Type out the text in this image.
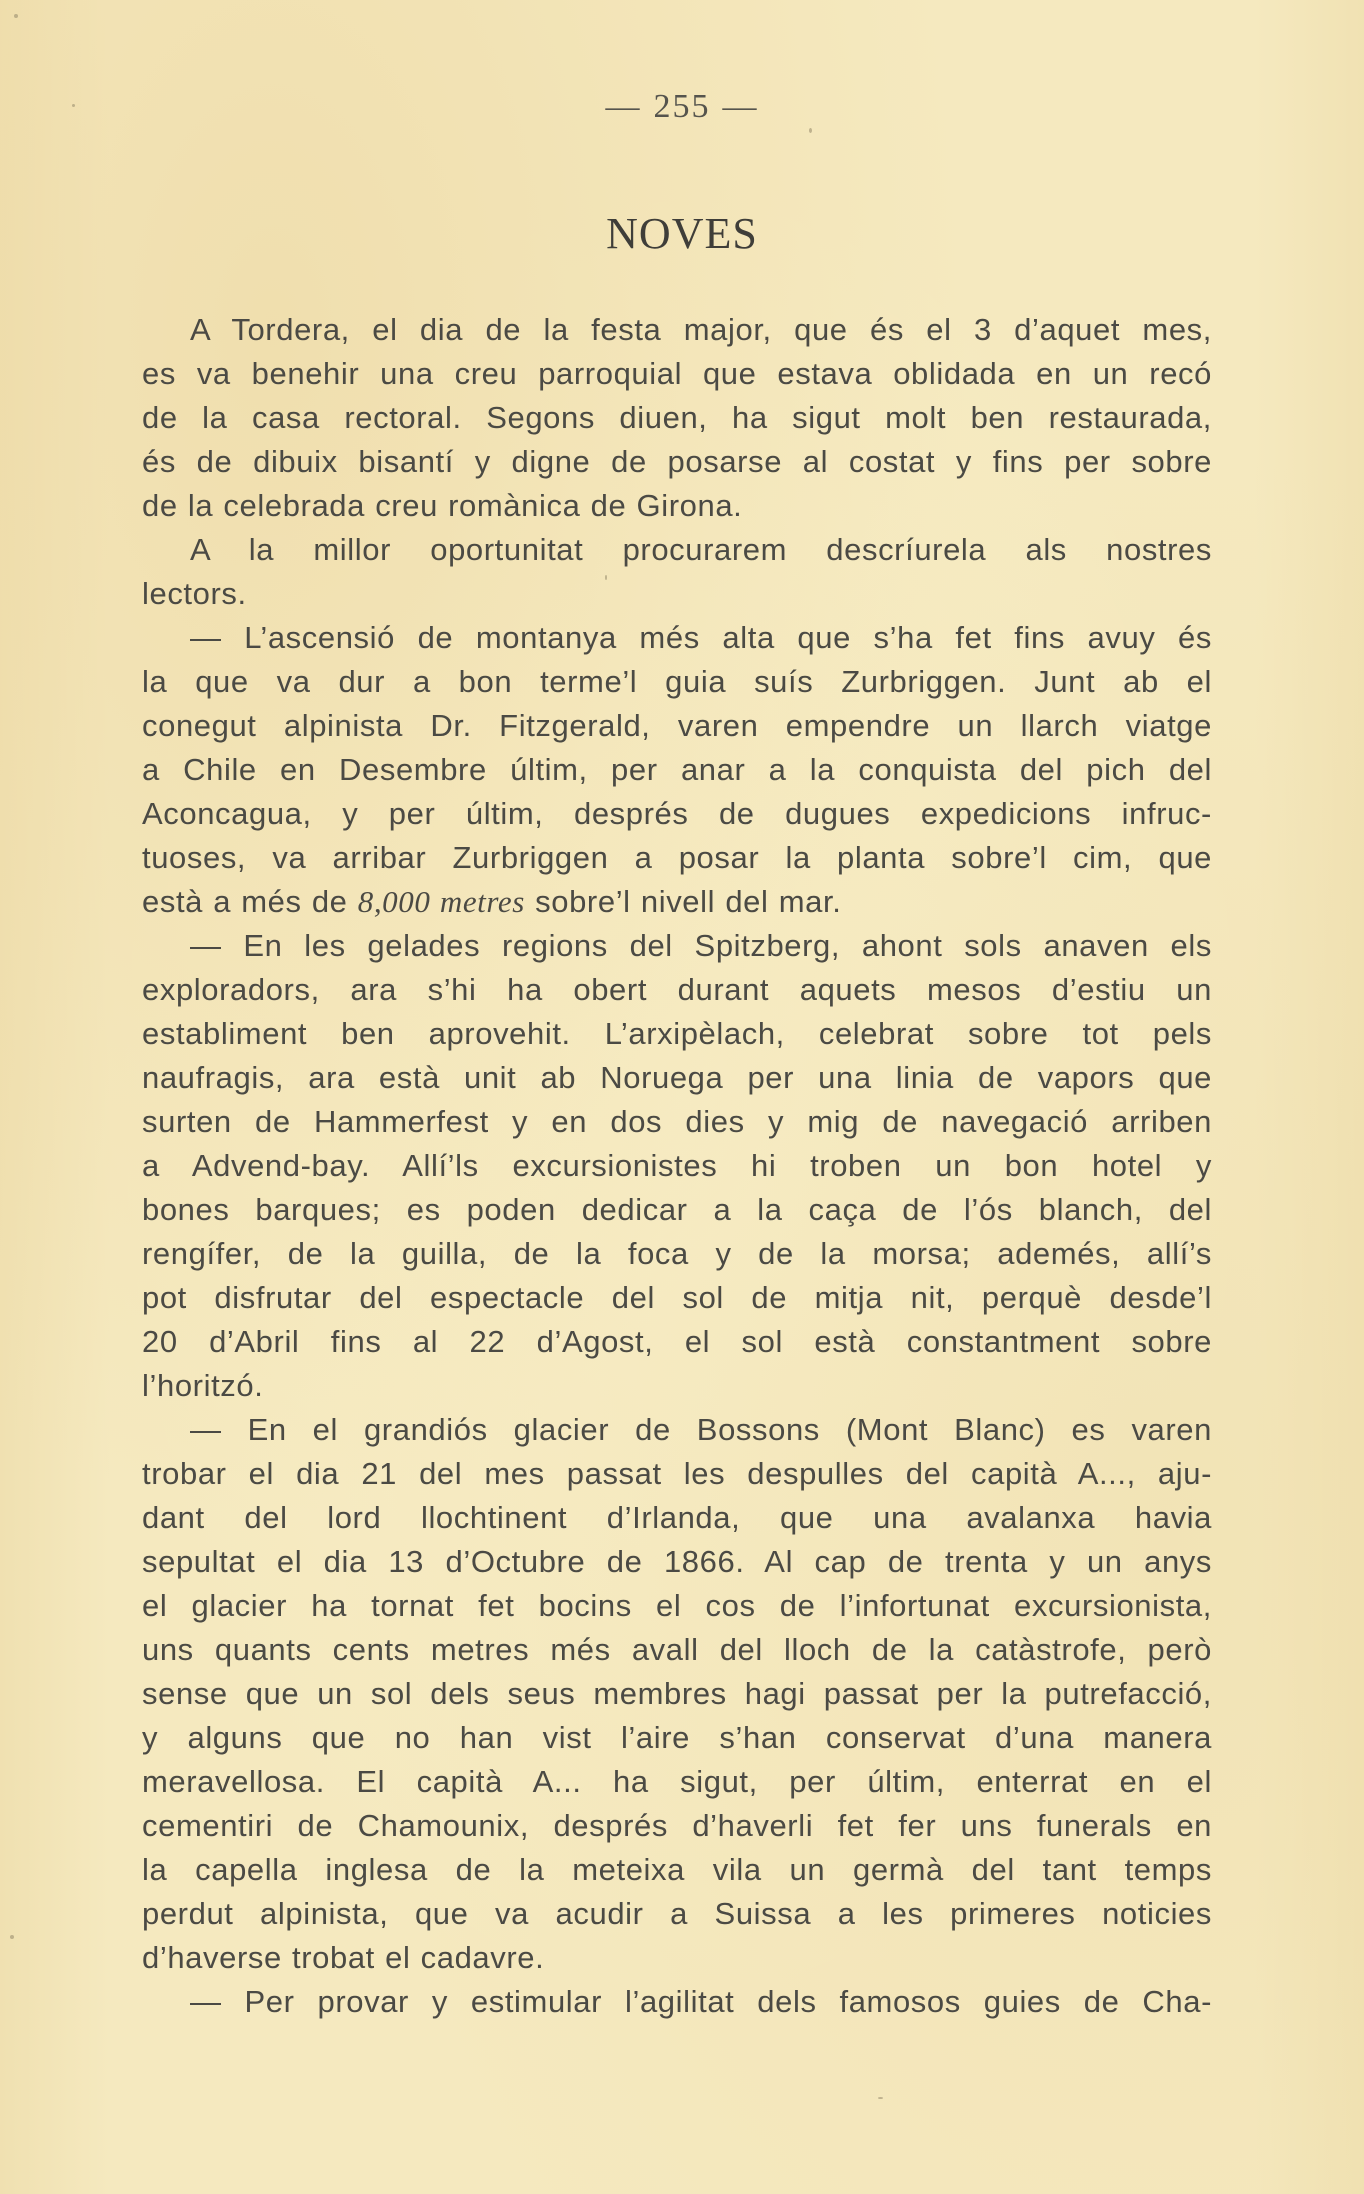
— 255 —
NOVES
A Tordera, el dia de la festa major, que és el 3 d’aquet mes,
es va benehir una creu parroquial que estava oblidada en un recó
de la casa rectoral. Segons diuen, ha sigut molt ben restaurada,
és de dibuix bisantí y digne de posarse al costat y fins per sobre
de la celebrada creu romànica de Girona.
A la millor oportunitat procurarem descríurela als nostres
lectors.
— L’ascensió de montanya més alta que s’ha fet fins avuy és
la que va dur a bon terme’l guia suís Zurbriggen. Junt ab el
conegut alpinista Dr. Fitzgerald, varen empendre un llarch viatge
a Chile en Desembre últim, per anar a la conquista del pich del
Aconcagua, y per últim, després de dugues expedicions infruc-
tuoses, va arribar Zurbriggen a posar la planta sobre’l cim, que
està a més de 8,000 metres sobre’l nivell del mar.
— En les gelades regions del Spitzberg, ahont sols anaven els
exploradors, ara s’hi ha obert durant aquets mesos d’estiu un
establiment ben aprovehit. L’arxipèlach, celebrat sobre tot pels
naufragis, ara està unit ab Noruega per una linia de vapors que
surten de Hammerfest y en dos dies y mig de navegació arriben
a Advend-bay. Allí’ls excursionistes hi troben un bon hotel y
bones barques; es poden dedicar a la caça de l’ós blanch, del
rengífer, de la guilla, de la foca y de la morsa; ademés, allí’s
pot disfrutar del espectacle del sol de mitja nit, perquè desde’l
20 d’Abril fins al 22 d’Agost, el sol està constantment sobre
l’horitzó.
— En el grandiós glacier de Bossons (Mont Blanc) es varen
trobar el dia 21 del mes passat les despulles del capità A..., aju-
dant del lord llochtinent d’Irlanda, que una avalanxa havia
sepultat el dia 13 d’Octubre de 1866. Al cap de trenta y un anys
el glacier ha tornat fet bocins el cos de l’infortunat excursionista,
uns quants cents metres més avall del lloch de la catàstrofe, però
sense que un sol dels seus membres hagi passat per la putrefacció,
y alguns que no han vist l’aire s’han conservat d’una manera
meravellosa. El capità A... ha sigut, per últim, enterrat en el
cementiri de Chamounix, després d’haverli fet fer uns funerals en
la capella inglesa de la meteixa vila un germà del tant temps
perdut alpinista, que va acudir a Suissa a les primeres noticies
d’haverse trobat el cadavre.
— Per provar y estimular l’agilitat dels famosos guies de Cha-
